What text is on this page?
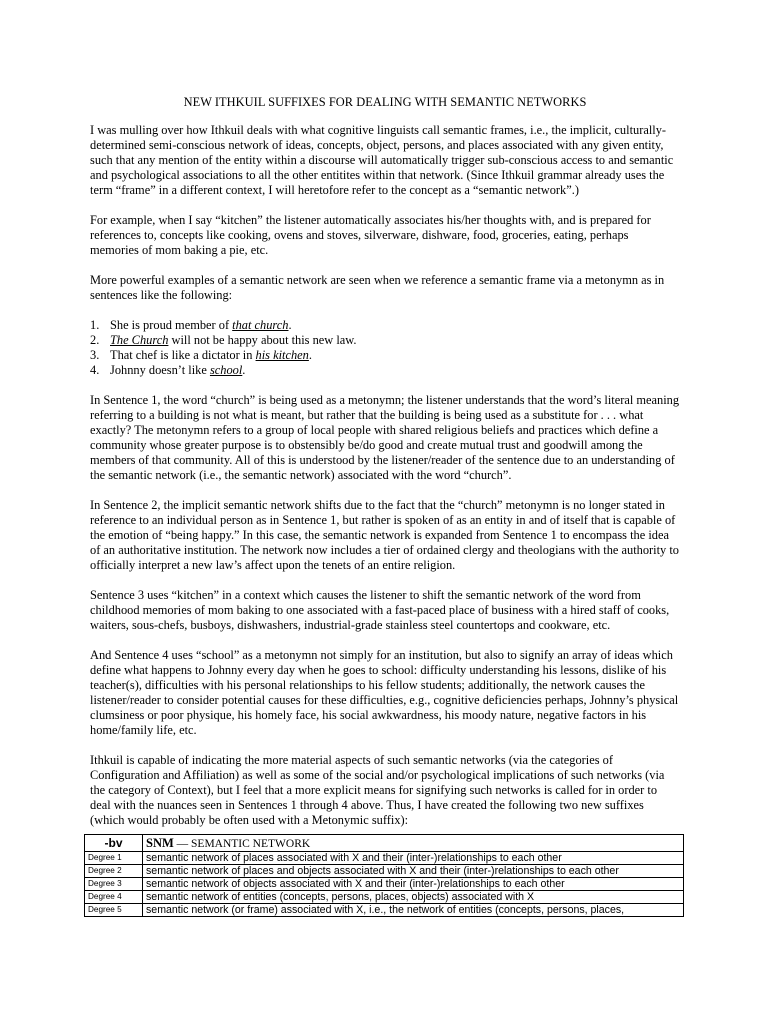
NEW ITHKUIL SUFFIXES FOR DEALING WITH SEMANTIC NETWORKS

I was mulling over how Ithkuil deals with what cognitive linguists call semantic frames, i.e., the implicit, culturally-determined semi-conscious network of ideas, concepts, object, persons, and places associated with any given entity, such that any mention of the entity within a discourse will automatically trigger sub-conscious access to and semantic and psychological associations to all the other entitites within that network. (Since Ithkuil grammar already uses the term “frame” in a different context, I will heretofore refer to the concept as a “semantic network”.)

For example, when I say “kitchen” the listener automatically associates his/her thoughts with, and is prepared for references to, concepts like cooking, ovens and stoves, silverware, dishware, food, groceries, eating, perhaps memories of mom baking a pie, etc.

More powerful examples of a semantic network are seen when we reference a semantic frame via a metonymn as in sentences like the following:

1. She is proud member of that church.
2. The Church will not be happy about this new law.
3. That chef is like a dictator in his kitchen.
4. Johnny doesn’t like school.

In Sentence 1, the word “church” is being used as a metonymn; the listener understands that the word’s literal meaning referring to a building is not what is meant, but rather that the building is being used as a substitute for . . . what exactly? The metonymn refers to a group of local people with shared religious beliefs and practices which define a community whose greater purpose is to obstensibly be/do good and create mutual trust and goodwill among the members of that community. All of this is understood by the listener/reader of the sentence due to an understanding of the semantic network (i.e., the semantic network) associated with the word “church”.

In Sentence 2, the implicit semantic network shifts due to the fact that the “church” metonymn is no longer stated in reference to an individual person as in Sentence 1, but rather is spoken of as an entity in and of itself that is capable of the emotion of “being happy.” In this case, the semantic network is expanded from Sentence 1 to encompass the idea of an authoritative institution. The network now includes a tier of ordained clergy and theologians with the authority to officially interpret a new law’s affect upon the tenets of an entire religion.

Sentence 3 uses “kitchen” in a context which causes the listener to shift the semantic network of the word from childhood memories of mom baking to one associated with a fast-paced place of business with a hired staff of cooks, waiters, sous-chefs, busboys, dishwashers, industrial-grade stainless steel countertops and cookware, etc.

And Sentence 4 uses “school” as a metonymn not simply for an institution, but also to signify an array of ideas which define what happens to Johnny every day when he goes to school: difficulty understanding his lessons, dislike of his teacher(s), difficulties with his personal relationships to his fellow students; additionally, the network causes the listener/reader to consider potential causes for these difficulties, e.g., cognitive deficiencies perhaps, Johnny’s physical clumsiness or poor physique, his homely face, his social awkwardness, his moody nature, negative factors in his home/family life, etc.

Ithkuil is capable of indicating the more material aspects of such semantic networks (via the categories of Configuration and Affiliation) as well as some of the social and/or psychological implications of such networks (via the category of Context), but I feel that a more explicit means for signifying such networks is called for in order to deal with the nuances seen in Sentences 1 through 4 above. Thus, I have created the following two new suffixes (which would probably be often used with a Metonymic suffix):

-bv	SNM — SEMANTIC NETWORK
Degree 1	semantic network of places associated with X and their (inter-)relationships to each other
Degree 2	semantic network of places and objects associated with X and their (inter-)relationships to each other
Degree 3	semantic network of objects associated with X and their (inter-)relationships to each other
Degree 4	semantic network of entities (concepts, persons, places, objects) associated with X
Degree 5	semantic network (or frame) associated with X, i.e., the network of entities (concepts, persons, places,
